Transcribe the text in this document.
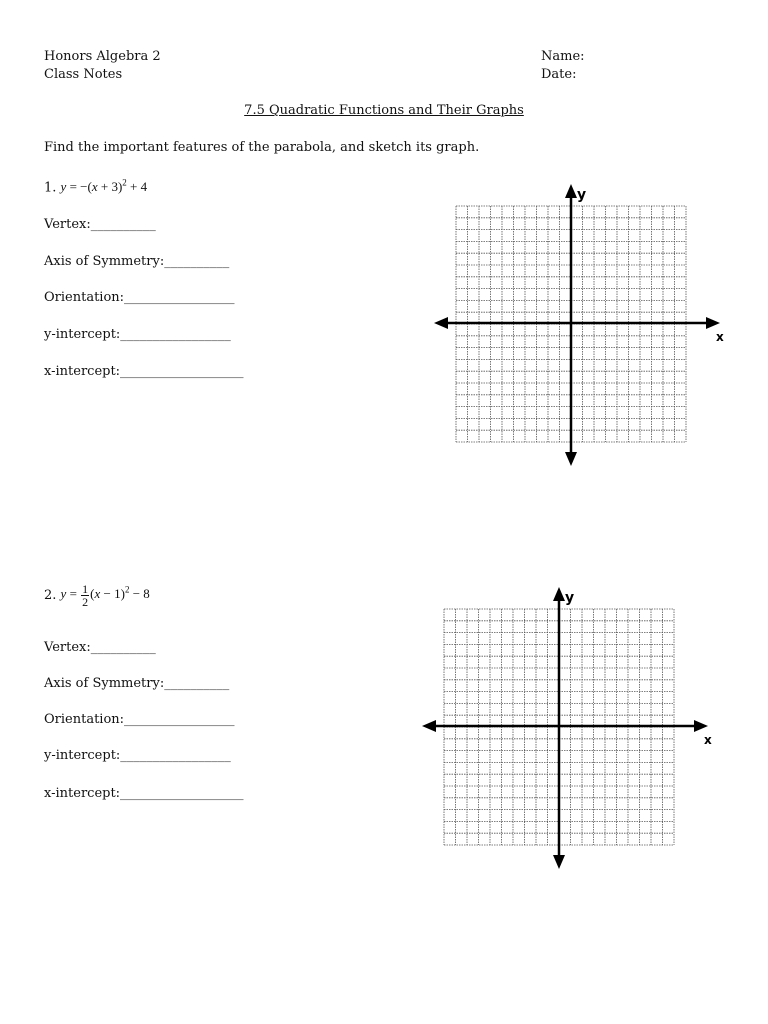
Honors Algebra 2
Class Notes
Name:
Date:
7.5 Quadratic Functions and Their Graphs
Find the important features of the parabola, and sketch its graph.
1. $y = -(x + 3)^2 + 4$
Vertex:__________
Axis of Symmetry:__________
Orientation:_________________
y-intercept:_________________
x-intercept:___________________
x
y
2. $y = \frac{1}{2} (x - 1)^2 - 8$
Vertex:__________
Axis of Symmetry:__________
Orientation:_________________
y-intercept:_________________
x-intercept:___________________
x
y
